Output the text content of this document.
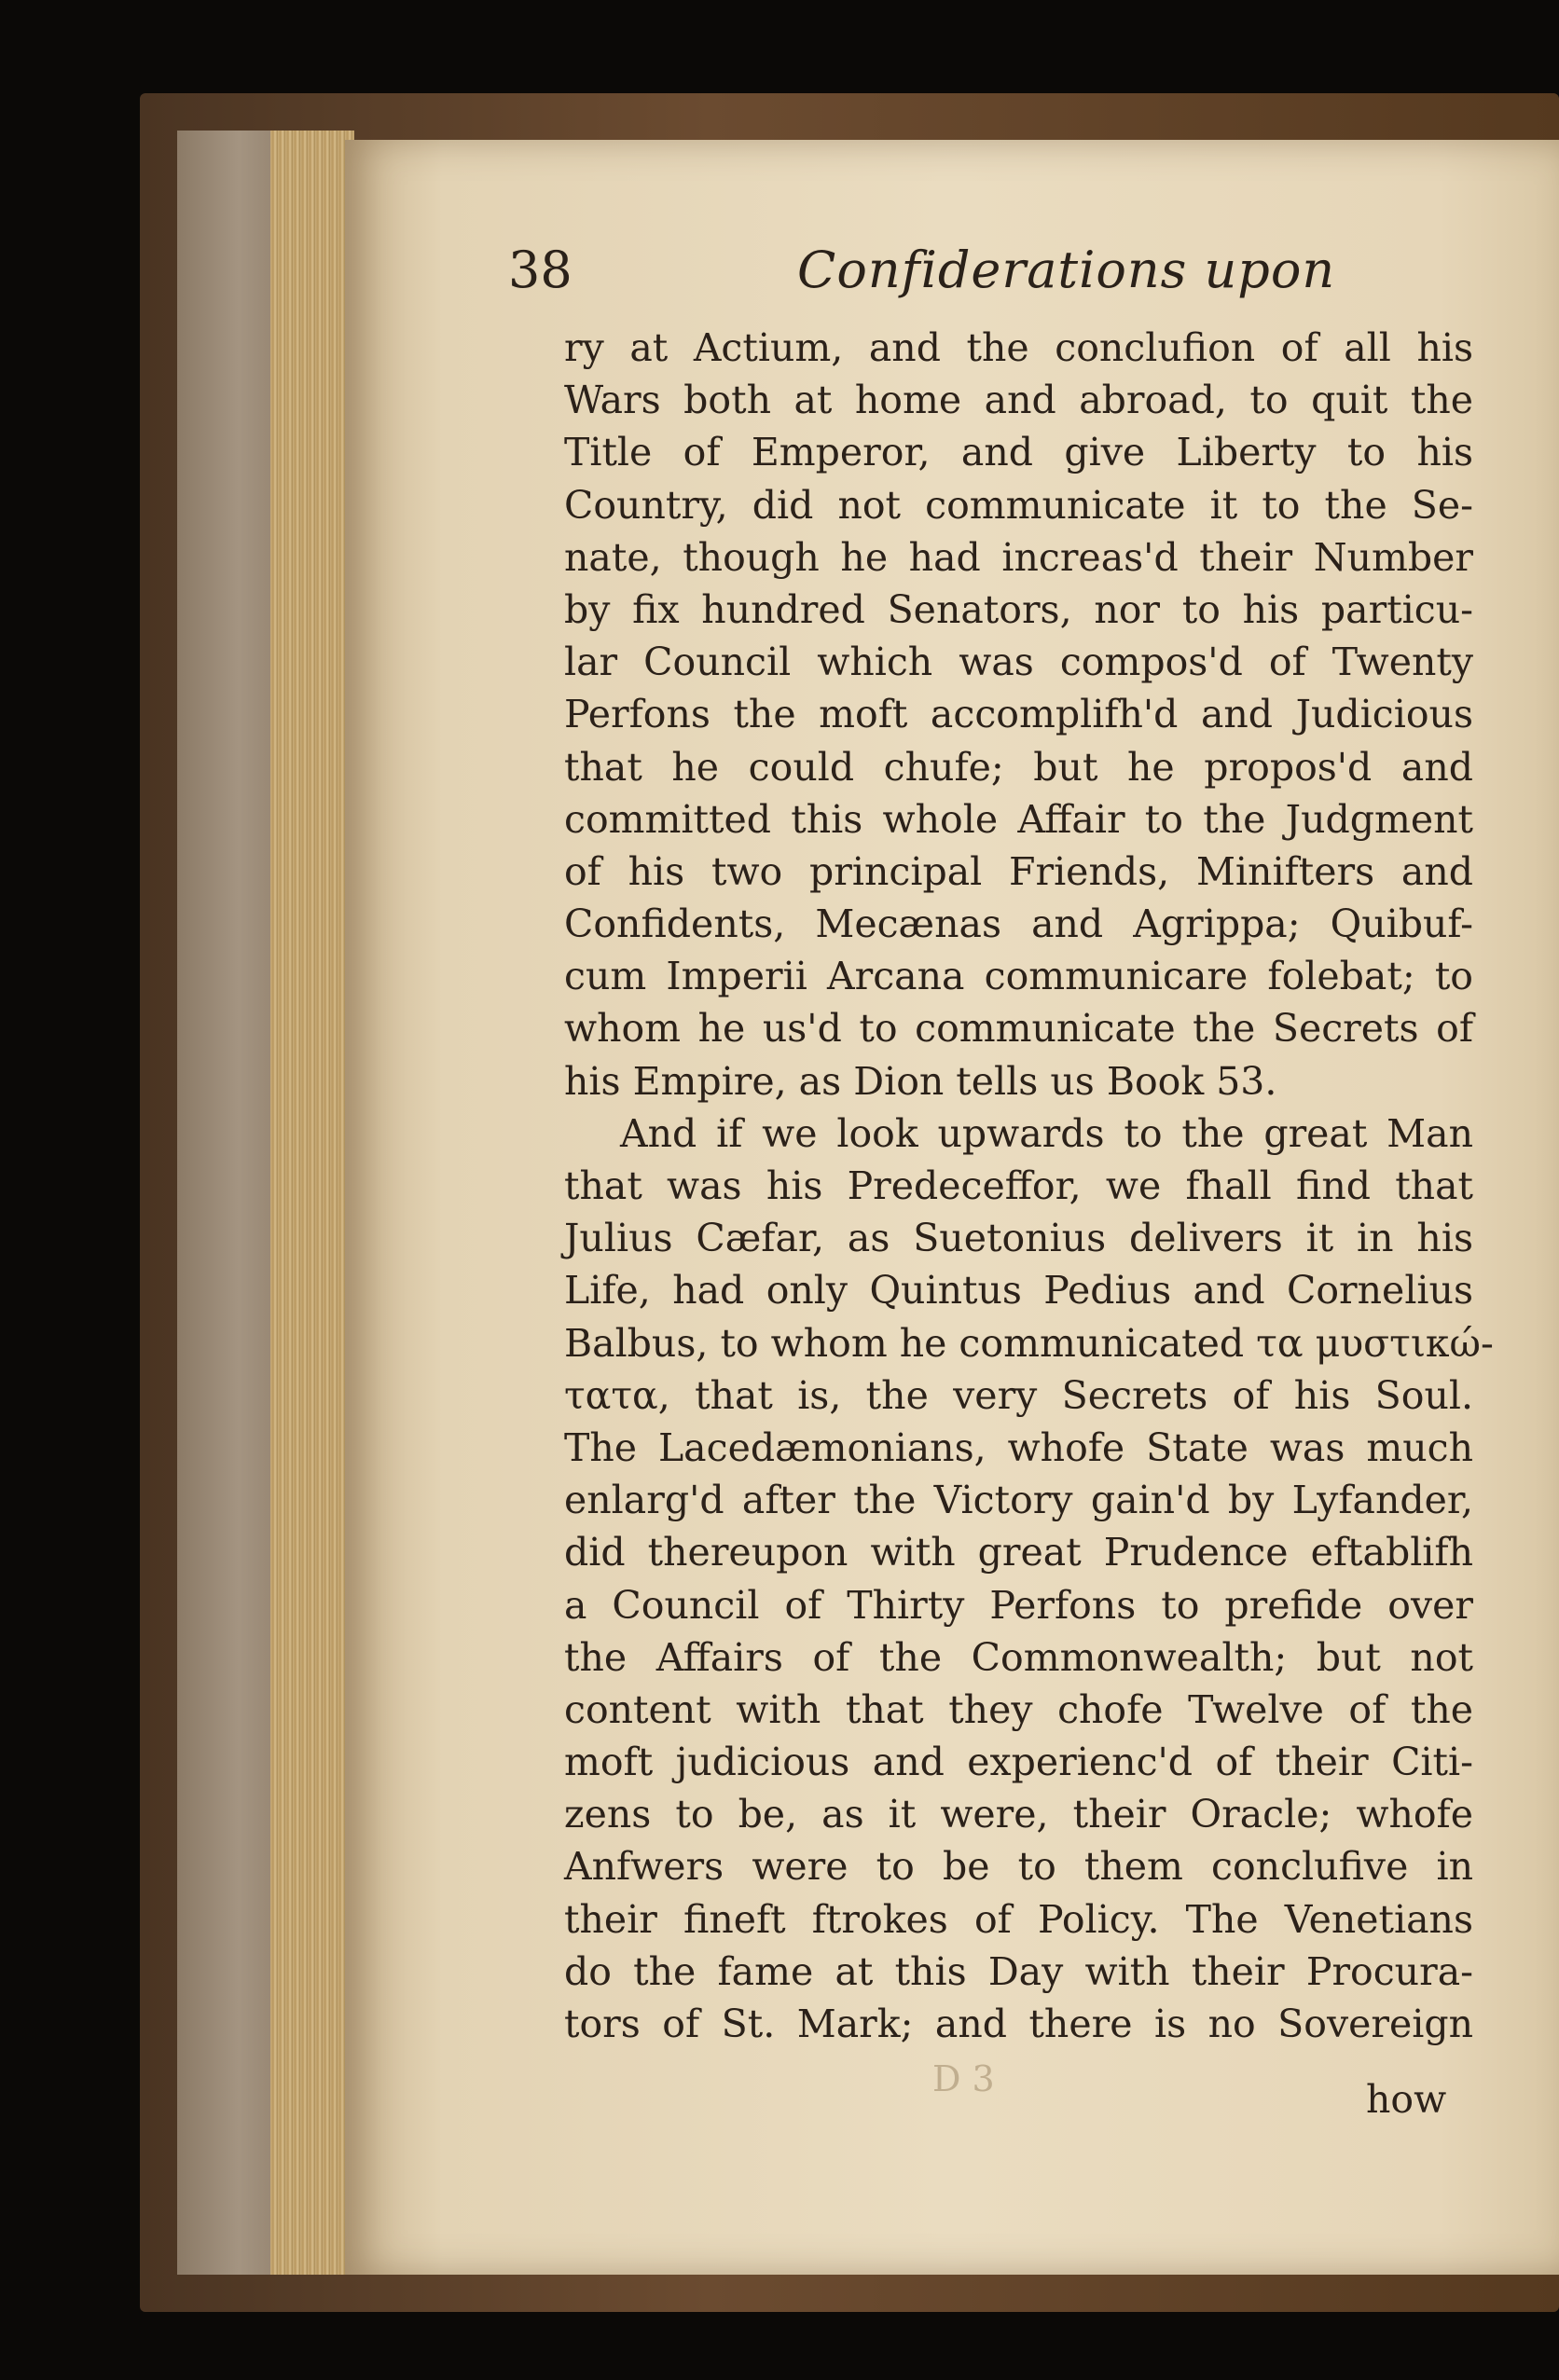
38	Confiderations upon
ry at Actium, and the conclufion of all his
Wars both at home and abroad, to quit the
Title of Emperor, and give Liberty to his
Country, did not communicate it to the Se-
nate, though he had increas'd their Number
by fix hundred Senators, nor to his particu-
lar Council which was compos'd of Twenty
Perfons the moft accomplifh'd and Judicious
that he could chufe; but he propos'd and
committed this whole Affair to the Judgment
of his two principal Friends, Minifters and
Confidents, Mecænas and Agrippa; Quibuf-
cum Imperii Arcana communicare folebat; to
whom he us'd to communicate the Secrets of
his Empire, as Dion tells us Book 53.
And if we look upwards to the great Man
that was his Predeceffor, we fhall find that
Julius Cæfar, as Suetonius delivers it in his
Life, had only Quintus Pedius and Cornelius
Balbus, to whom he communicated τα μυστικώ-
τατα, that is, the very Secrets of his Soul.
The Lacedæmonians, whofe State was much
enlarg'd after the Victory gain'd by Lyfander,
did thereupon with great Prudence eftablifh
a Council of Thirty Perfons to prefide over
the Affairs of the Commonwealth; but not
content with that they chofe Twelve of the
moft judicious and experienc'd of their Citi-
zens to be, as it were, their Oracle; whofe
Anfwers were to be to them conclufive in
their fineft ftrokes of Policy. The Venetians
do the fame at this Day with their Procura-
tors of St. Mark; and there is no Sovereign
D 3	how
